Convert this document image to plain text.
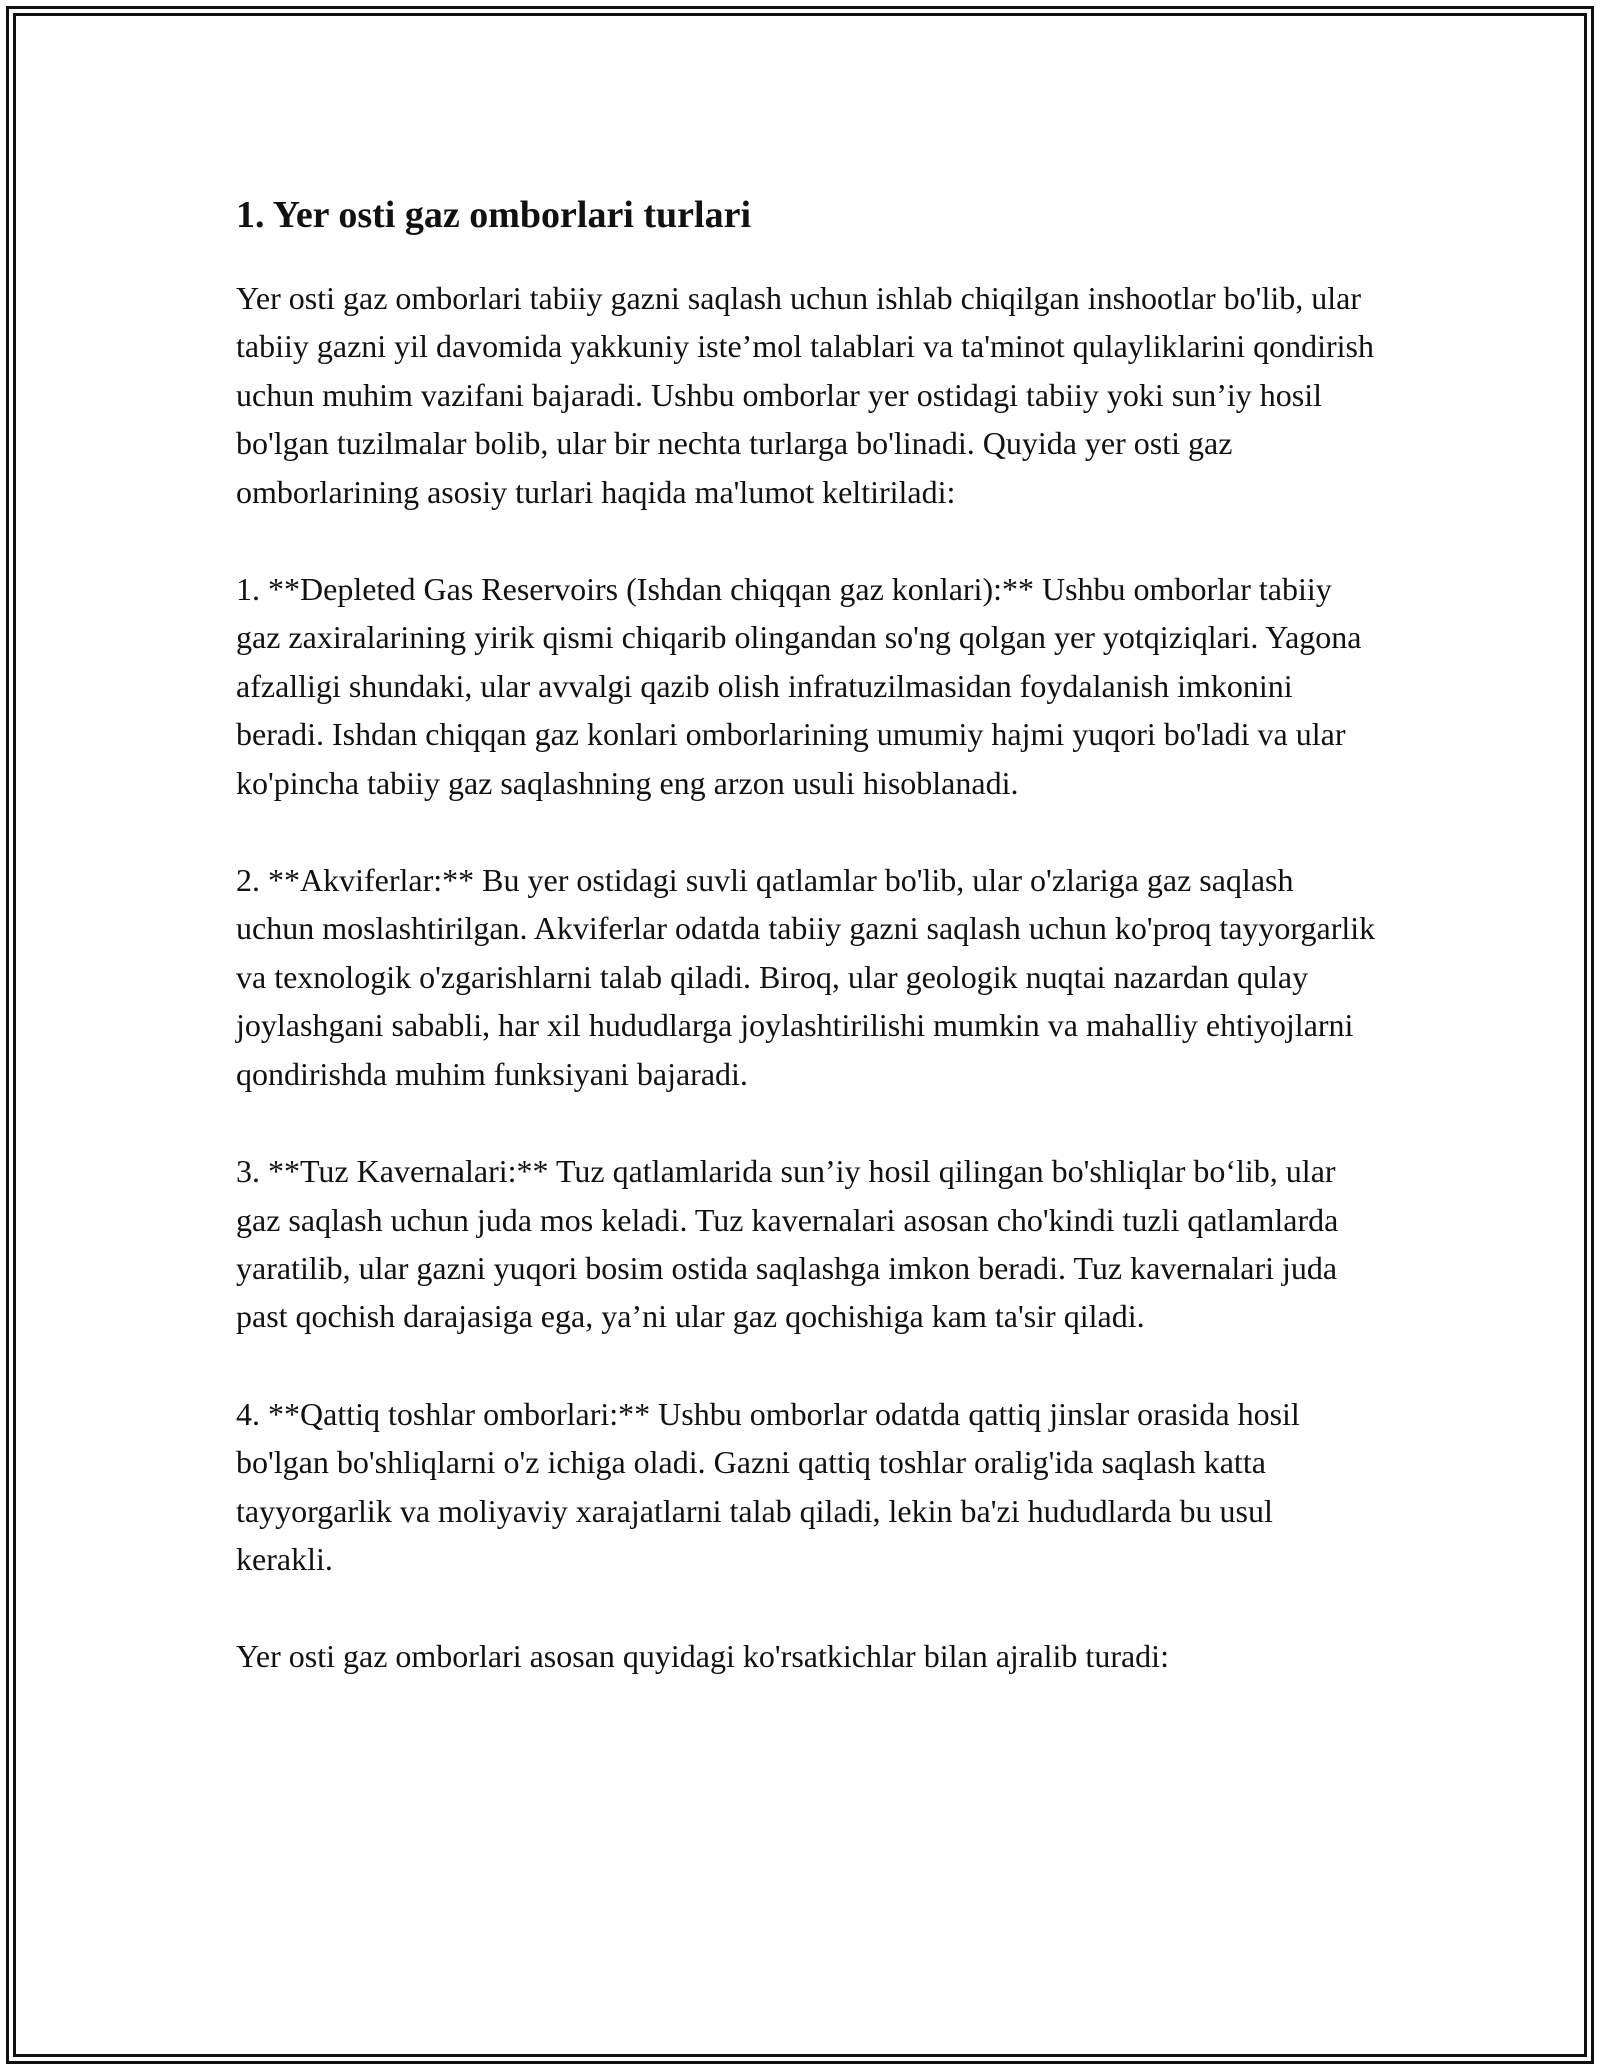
1. Yer osti gaz omborlari turlari

Yer osti gaz omborlari tabiiy gazni saqlash uchun ishlab chiqilgan inshootlar bo'lib, ular tabiiy gazni yil davomida yakkuniy iste’mol talablari va ta'minot qulayliklarini qondirish uchun muhim vazifani bajaradi. Ushbu omborlar yer ostidagi tabiiy yoki sun’iy hosil bo'lgan tuzilmalar bolib, ular bir nechta turlarga bo'linadi. Quyida yer osti gaz omborlarining asosiy turlari haqida ma'lumot keltiriladi:

1. **Depleted Gas Reservoirs (Ishdan chiqqan gaz konlari):** Ushbu omborlar tabiiy gaz zaxiralarining yirik qismi chiqarib olingandan so'ng qolgan yer yotqiziqlari. Yagona afzalligi shundaki, ular avvalgi qazib olish infratuzilmasidan foydalanish imkonini beradi. Ishdan chiqqan gaz konlari omborlarining umumiy hajmi yuqori bo'ladi va ular ko'pincha tabiiy gaz saqlashning eng arzon usuli hisoblanadi.

2. **Akviferlar:** Bu yer ostidagi suvli qatlamlar bo'lib, ular o'zlariga gaz saqlash uchun moslashtirilgan. Akviferlar odatda tabiiy gazni saqlash uchun ko'proq tayyorgarlik va texnologik o'zgarishlarni talab qiladi. Biroq, ular geologik nuqtai nazardan qulay joylashgani sababli, har xil hududlarga joylashtirilishi mumkin va mahalliy ehtiyojlarni qondirishda muhim funksiyani bajaradi.

3. **Tuz Kavernalari:** Tuz qatlamlarida sun’iy hosil qilingan bo'shliqlar bo‘lib, ular gaz saqlash uchun juda mos keladi. Tuz kavernalari asosan cho'kindi tuzli qatlamlarda yaratilib, ular gazni yuqori bosim ostida saqlashga imkon beradi. Tuz kavernalari juda past qochish darajasiga ega, ya’ni ular gaz qochishiga kam ta'sir qiladi.

4. **Qattiq toshlar omborlari:** Ushbu omborlar odatda qattiq jinslar orasida hosil bo'lgan bo'shliqlarni o'z ichiga oladi. Gazni qattiq toshlar oralig'ida saqlash katta tayyorgarlik va moliyaviy xarajatlarni talab qiladi, lekin ba'zi hududlarda bu usul kerakli.

Yer osti gaz omborlari asosan quyidagi ko'rsatkichlar bilan ajralib turadi:
